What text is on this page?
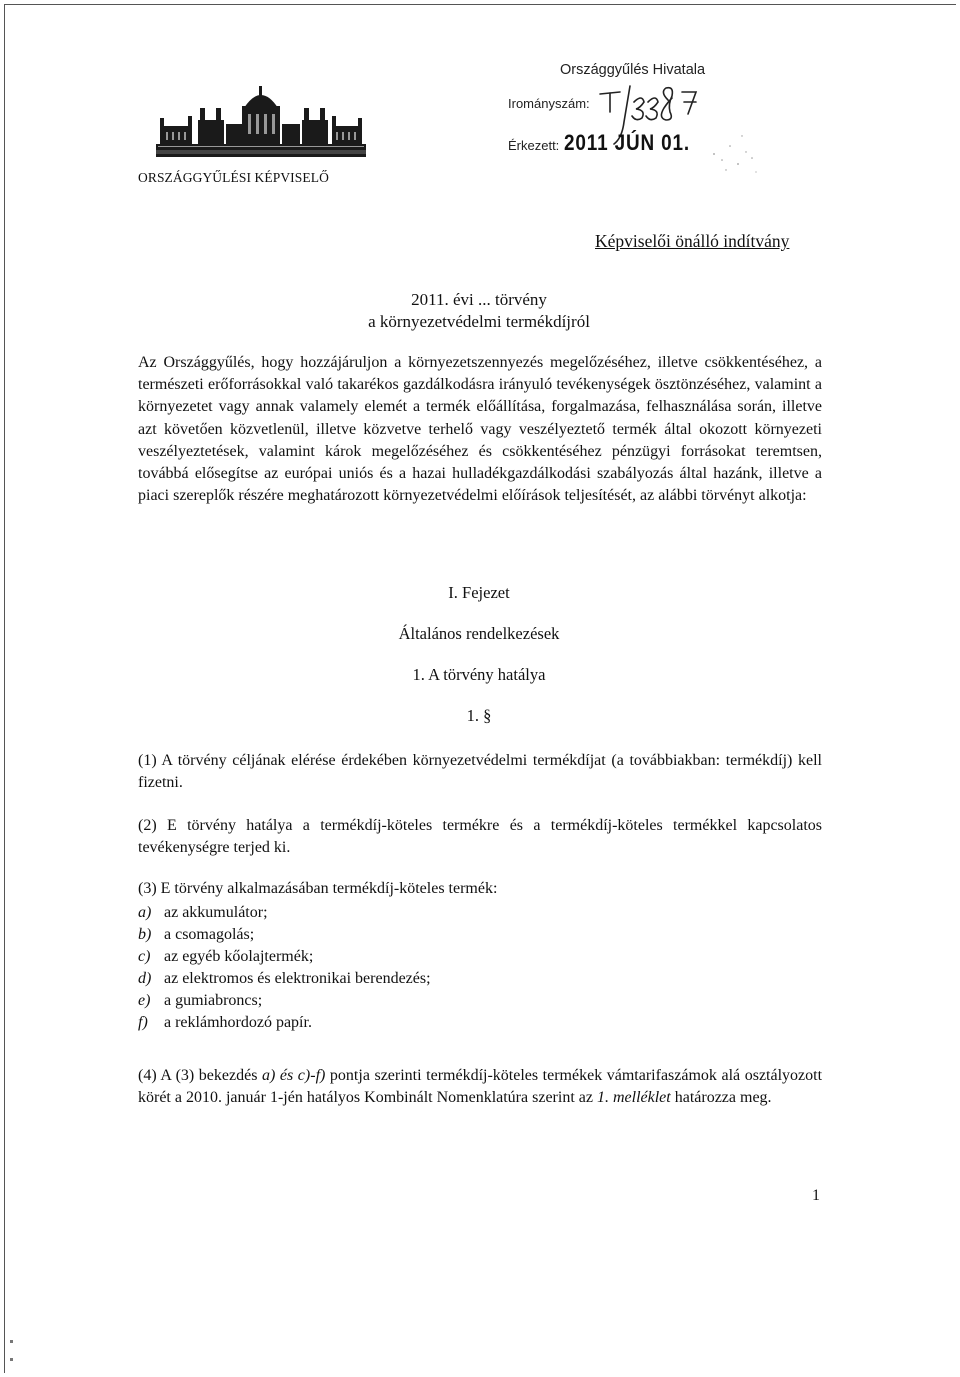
ORSZÁGGYŰLÉSI KÉPVISELŐ
Országgyűlés Hivatala
Irományszám:
Érkezett: 2011 JÚN 01.
Képviselői önálló indítvány
2011. évi ... törvény
a környezetvédelmi termékdíjról
Az Országgyűlés, hogy hozzájáruljon a környezetszennyezés megelőzéséhez, illetve csökkentéséhez, a természeti erőforrásokkal való takarékos gazdálkodásra irányuló tevékenységek ösztönzéséhez, valamint a környezetet vagy annak valamely elemét a termék előállítása, forgalmazása, felhasználása során, illetve azt követően közvetlenül, illetve közvetve terhelő vagy veszélyeztető termék által okozott környezeti veszélyeztetések, valamint károk megelőzéséhez és csökkentéséhez pénzügyi forrásokat teremtsen, továbbá elősegítse az európai uniós és a hazai hulladékgazdálkodási szabályozás által hazánk, illetve a piaci szereplők részére meghatározott környezetvédelmi előírások teljesítését, az alábbi törvényt alkotja:
I. Fejezet
Általános rendelkezések
1. A törvény hatálya
1. §
(1) A törvény céljának elérése érdekében környezetvédelmi termékdíjat (a továbbiakban: termékdíj) kell fizetni.
(2) E törvény hatálya a termékdíj-köteles termékre és a termékdíj-köteles termékkel kapcsolatos tevékenységre terjed ki.
(3) E törvény alkalmazásában termékdíj-köteles termék:
a) az akkumulátor;
b) a csomagolás;
c) az egyéb kőolajtermék;
d) az elektromos és elektronikai berendezés;
e) a gumiabroncs;
f)	a reklámhordozó papír.
(4) A (3) bekezdés a) és c)-f) pontja szerinti termékdíj-köteles termékek vámtarifaszámok alá osztályozott körét a 2010. január 1-jén hatályos Kombinált Nomenklatúra szerint az 1. melléklet határozza meg.
1
